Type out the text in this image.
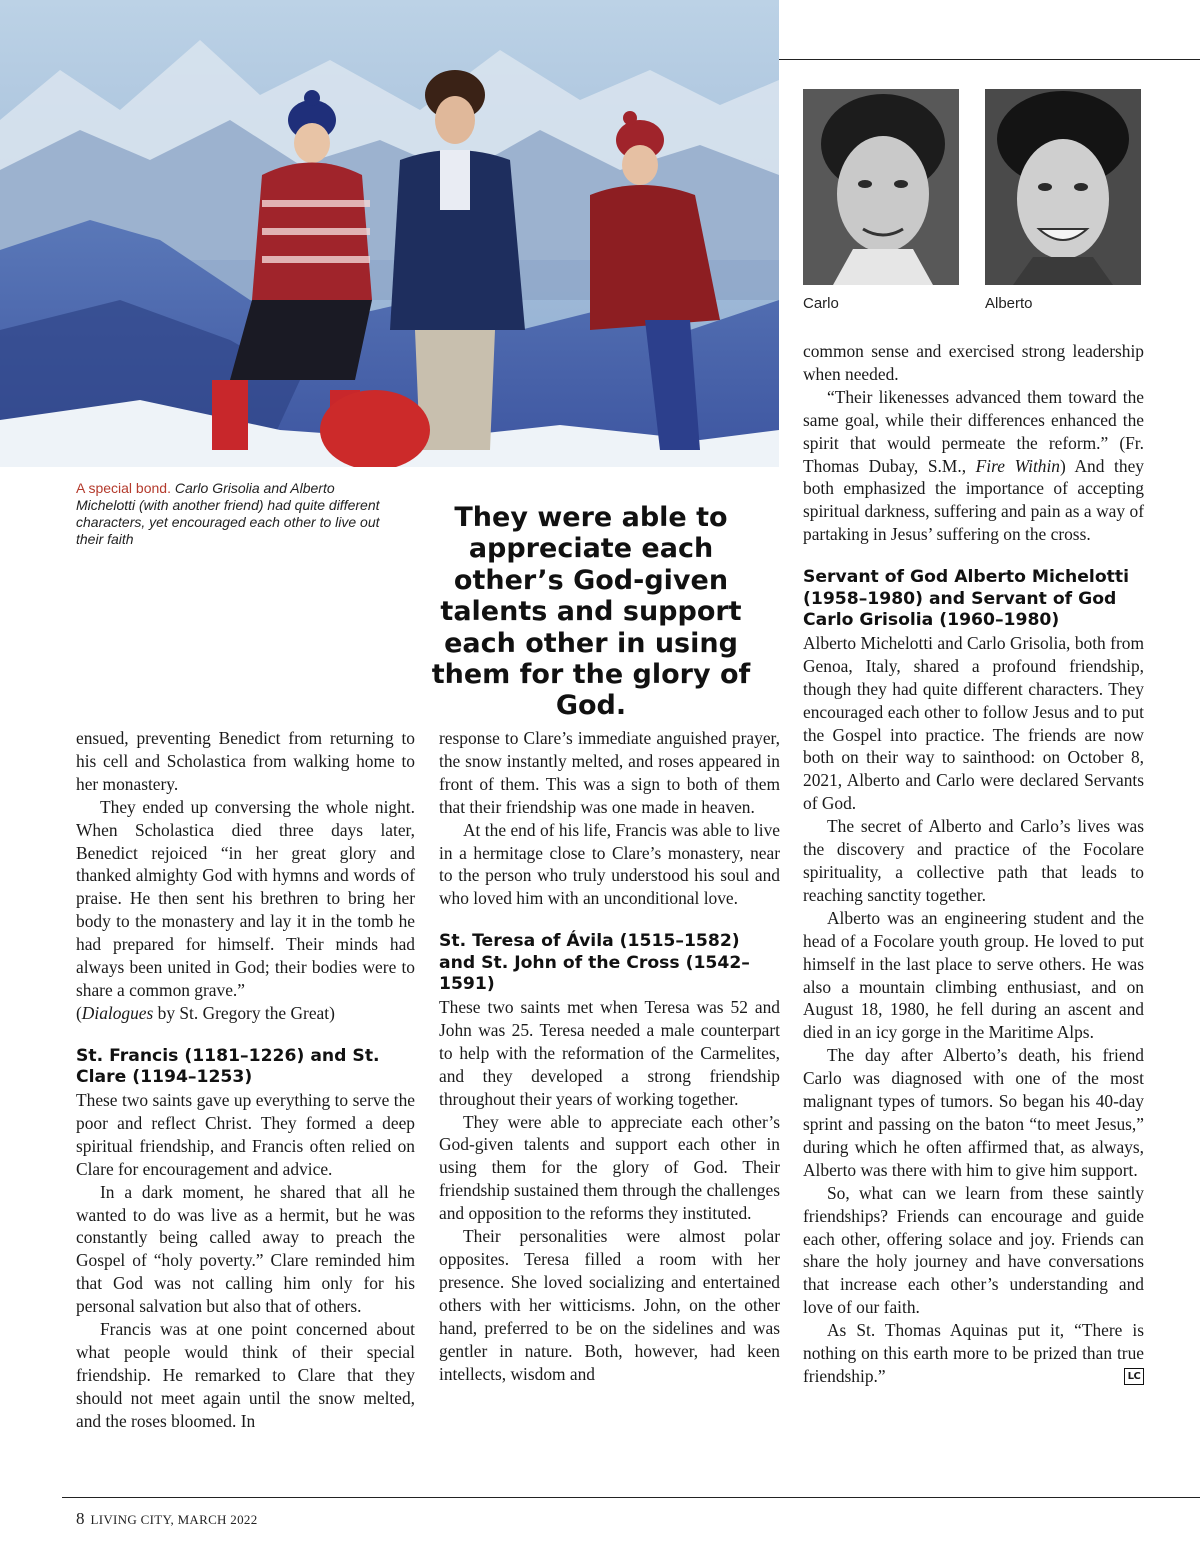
Carlo	Alberto
A special bond. Carlo Grisolia and Alberto Michelotti (with another friend) had quite different characters, yet encouraged each other to live out their faith
They were able to appreciate each other’s God-given talents and support each other in using them for the glory of God.

ensued, preventing Benedict from returning to his cell and Scholastica from walking home to her monastery.

They ended up conversing the whole night. When Scholastica died three days later, Benedict rejoiced “in her great glory and thanked almighty God with hymns and words of praise. He then sent his brethren to bring her body to the monastery and lay it in the tomb he had prepared for himself. Their minds had always been united in God; their bodies were to share a common grave.”

(Dialogues by St. Gregory the Great)

St. Francis (1181–1226) and St. Clare (1194–1253)

These two saints gave up everything to serve the poor and reflect Christ. They formed a deep spiritual friendship, and Francis often relied on Clare for encouragement and advice.

In a dark moment, he shared that all he wanted to do was live as a hermit, but he was constantly being called away to preach the Gospel of “holy poverty.” Clare reminded him that God was not calling him only for his personal salvation but also that of others.

Francis was at one point concerned about what people would think of their special friendship. He remarked to Clare that they should not meet again until the snow melted, and the roses bloomed. In

response to Clare’s immediate anguished prayer, the snow instantly melted, and roses appeared in front of them. This was a sign to both of them that their friendship was one made in heaven.

At the end of his life, Francis was able to live in a hermitage close to Clare’s monastery, near to the person who truly understood his soul and who loved him with an unconditional love.

St. Teresa of Ávila (1515–1582) and St. John of the Cross (1542–1591)

These two saints met when Teresa was 52 and John was 25. Teresa needed a male counterpart to help with the reformation of the Carmelites, and they developed a strong friendship throughout their years of working together.

They were able to appreciate each other’s God-given talents and support each other in using them for the glory of God. Their friendship sustained them through the challenges and opposition to the reforms they instituted.

Their personalities were almost polar opposites. Teresa filled a room with her presence. She loved socializing and entertained others with her witticisms. John, on the other hand, preferred to be on the sidelines and was gentler in nature. Both, however, had keen intellects, wisdom and

common sense and exercised strong leadership when needed.

“Their likenesses advanced them toward the same goal, while their differences enhanced the spirit that would permeate the reform.” (Fr. Thomas Dubay, S.M., Fire Within) And they both emphasized the importance of accepting spiritual darkness, suffering and pain as a way of partaking in Jesus’ suffering on the cross.

Servant of God Alberto Michelotti (1958–1980) and Servant of God Carlo Grisolia (1960–1980)

Alberto Michelotti and Carlo Grisolia, both from Genoa, Italy, shared a profound friendship, though they had quite different characters. They encouraged each other to follow Jesus and to put the Gospel into practice. The friends are now both on their way to sainthood: on October 8, 2021, Alberto and Carlo were declared Servants of God.

The secret of Alberto and Carlo’s lives was the discovery and practice of the Focolare spirituality, a collective path that leads to reaching sanctity together.

Alberto was an engineering student and the head of a Focolare youth group. He loved to put himself in the last place to serve others. He was also a mountain climbing enthusiast, and on August 18, 1980, he fell during an ascent and died in an icy gorge in the Maritime Alps.

The day after Alberto’s death, his friend Carlo was diagnosed with one of the most malignant types of tumors. So began his 40-day sprint and passing on the baton “to meet Jesus,” during which he often affirmed that, as always, Alberto was there with him to give him support.

So, what can we learn from these saintly friendships? Friends can encourage and guide each other, offering solace and joy. Friends can share the holy journey and have conversations that increase each other’s understanding and love of our faith.

As St. Thomas Aquinas put it, “There is nothing on this earth more to be prized than true friendship.”	LC

8 LIVING CITY, MARCH 2022
